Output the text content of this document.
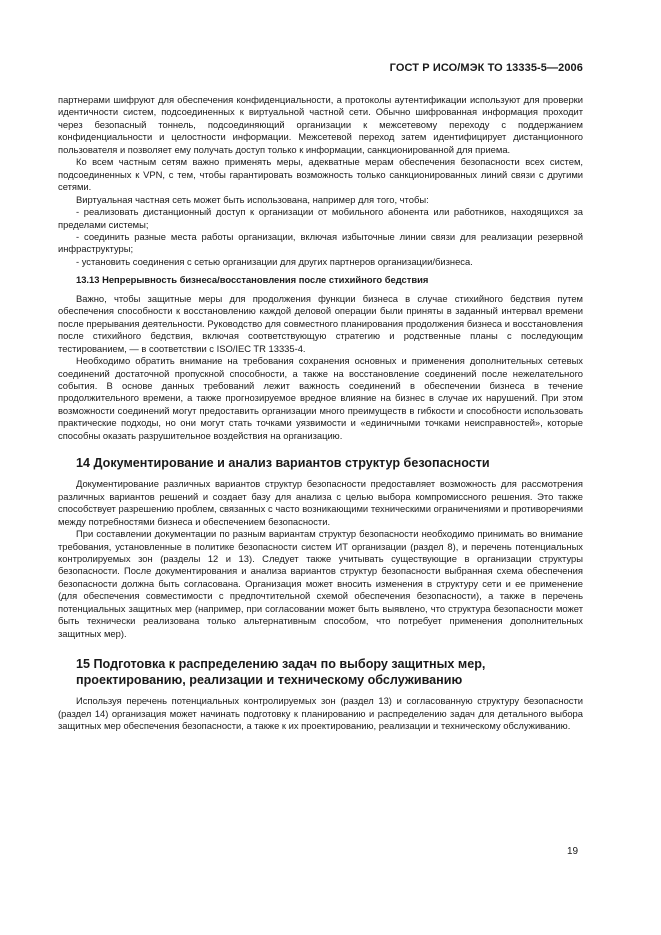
ГОСТ Р ИСО/МЭК ТО 13335-5—2006

партнерами шифруют для обеспечения конфиденциальности, а протоколы аутентификации используют для проверки идентичности систем, подсоединенных к виртуальной частной сети. Обычно шифрованная информация проходит через безопасный тоннель, подсоединяющий организации к межсетевому переходу с поддержанием конфиденциальности и целостности информации. Межсетевой переход затем идентифицирует дистанционного пользователя и позволяет ему получать доступ только к информации, санкционированной для приема.

Ко всем частным сетям важно применять меры, адекватные мерам обеспечения безопасности всех систем, подсоединенных к VPN, с тем, чтобы гарантировать возможность только санкционированных линий связи с другими сетями.

Виртуальная частная сеть может быть использована, например для того, чтобы:

- реализовать дистанционный доступ к организации от мобильного абонента или работников, находящихся за пределами системы;

- соединить разные места работы организации, включая избыточные линии связи для реализации резервной инфраструктуры;

- установить соединения с сетью организации для других партнеров организации/бизнеса.

13.13 Непрерывность бизнеса/восстановления после стихийного бедствия

Важно, чтобы защитные меры для продолжения функции бизнеса в случае стихийного бедствия путем обеспечения способности к восстановлению каждой деловой операции были приняты в заданный интервал времени после прерывания деятельности. Руководство для совместного планирования продолжения бизнеса и восстановления после стихийного бедствия, включая соответствующую стратегию и родственные планы с последующим тестированием, — в соответствии с ISO/IEC TR 13335-4.

Необходимо обратить внимание на требования сохранения основных и применения дополнительных сетевых соединений достаточной пропускной способности, а также на восстановление соединений после нежелательного события. В основе данных требований лежит важность соединений в обеспечении бизнеса в течение продолжительного времени, а также прогнозируемое вредное влияние на бизнес в случае их нарушений. При этом возможности соединений могут предоставить организации много преимуществ в гибкости и способности использовать практические подходы, но они могут стать точками уязвимости и «единичными точками неисправностей», которые способны оказать разрушительное воздействия на организацию.

14 Документирование и анализ вариантов структур безопасности

Документирование различных вариантов структур безопасности предоставляет возможность для рассмотрения различных вариантов решений и создает базу для анализа с целью выбора компромиссного решения. Это также способствует разрешению проблем, связанных с часто возникающими техническими ограничениями и противоречиями между потребностями бизнеса и обеспечением безопасности.

При составлении документации по разным вариантам структур безопасности необходимо принимать во внимание требования, установленные в политике безопасности систем ИТ организации (раздел 8), и перечень потенциальных контролируемых зон (разделы 12 и 13). Следует также учитывать существующие в организации структуры безопасности. После документирования и анализа вариантов структур безопасности выбранная схема обеспечения безопасности должна быть согласована. Организация может вносить изменения в структуру сети и ее применение (для обеспечения совместимости с предпочтительной схемой обеспечения безопасности), а также в перечень потенциальных защитных мер (например, при согласовании может быть выявлено, что структура безопасности может быть технически реализована только альтернативным способом, что потребует применения дополнительных защитных мер).

15 Подготовка к распределению задач по выбору защитных мер,
проектированию, реализации и техническому обслуживанию

Используя перечень потенциальных контролируемых зон (раздел 13) и согласованную структуру безопасности (раздел 14) организация может начинать подготовку к планированию и распределению задач для детального выбора защитных мер обеспечения безопасности, а также к их проектированию, реализации и техническому обслуживанию.

19
